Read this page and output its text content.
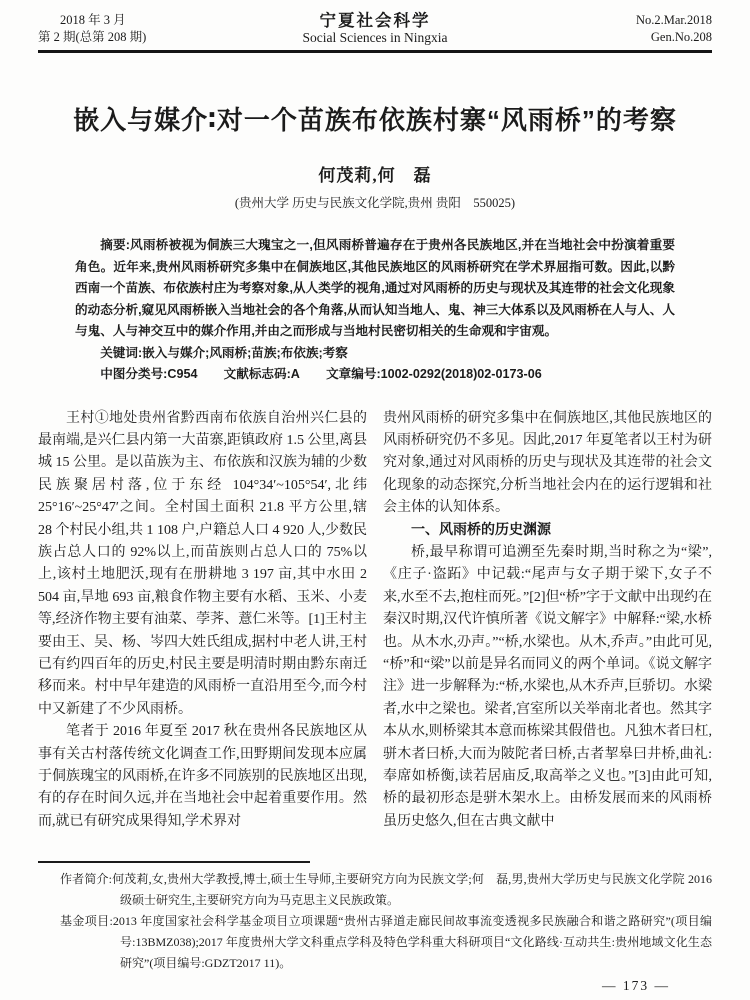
2018 年 3 月
第 2 期(总第 208 期)
宁夏社会科学
Social Sciences in Ningxia
No.2.Mar.2018
Gen.No.208
嵌入与媒介∶对一个苗族布依族村寨“风雨桥”的考察
何茂莉,何　磊
(贵州大学 历史与民族文化学院,贵州 贵阳　550025)

摘要:风雨桥被视为侗族三大瑰宝之一,但风雨桥普遍存在于贵州各民族地区,并在当地社会中扮演着重要角色。近年来,贵州风雨桥研究多集中在侗族地区,其他民族地区的风雨桥研究在学术界屈指可数。因此,以黔西南一个苗族、布依族村庄为考察对象,从人类学的视角,通过对风雨桥的历史与现状及其连带的社会文化现象的动态分析,窥见风雨桥嵌入当地社会的各个角落,从而认知当地人、鬼、神三大体系以及风雨桥在人与人、人与鬼、人与神交互中的媒介作用,并由之而形成与当地村民密切相关的生命观和宇宙观。

关键词:嵌入与媒介;风雨桥;苗族;布依族;考察

中图分类号:C954 文献标志码:A 文章编号:1002-0292(2018)02-0173-06

王村①地处贵州省黔西南布依族自治州兴仁县的最南端,是兴仁县内第一大苗寨,距镇政府 1.5 公里,离县城 15 公里。是以苗族为主、布依族和汉族为辅的少数民族聚居村落,位于东经 104°34′~105°54′,北纬 25°16′~25°47′之间。全村国土面积 21.8 平方公里,辖 28 个村民小组,共 1 108 户,户籍总人口 4 920 人,少数民族占总人口的 92%以上,而苗族则占总人口的 75%以上,该村土地肥沃,现有在册耕地 3 197 亩,其中水田 2 504 亩,旱地 693 亩,粮食作物主要有水稻、玉米、小麦等,经济作物主要有油菜、荸荠、薏仁米等。[1]王村主要由王、吴、杨、岑四大姓氏组成,据村中老人讲,王村已有约四百年的历史,村民主要是明清时期由黔东南迁移而来。村中早年建造的风雨桥一直沿用至今,而今村中又新建了不少风雨桥。

笔者于 2016 年夏至 2017 秋在贵州各民族地区从事有关古村落传统文化调查工作,田野期间发现本应属于侗族瑰宝的风雨桥,在许多不同族别的民族地区出现,有的存在时间久远,并在当地社会中起着重要作用。然而,就已有研究成果得知,学术界对

贵州风雨桥的研究多集中在侗族地区,其他民族地区的风雨桥研究仍不多见。因此,2017 年夏笔者以王村为研究对象,通过对风雨桥的历史与现状及其连带的社会文化现象的动态探究,分析当地社会内在的运行逻辑和社会主体的认知体系。

一、风雨桥的历史渊源

桥,最早称谓可追溯至先秦时期,当时称之为“梁”,《庄子·盗跖》中记载:“尾声与女子期于梁下,女子不来,水至不去,抱柱而死。”[2]但“桥”字于文献中出现约在秦汉时期,汉代许慎所著《说文解字》中解释:“梁,水桥也。从木水,刅声。”“桥,水梁也。从木,乔声。”由此可见,“桥”和“梁”以前是异名而同义的两个单词。《说文解字注》进一步解释为:“桥,水梁也,从木乔声,巨骄切。水梁者,水中之梁也。梁者,宫室所以关举南北者也。然其字本从水,则桥梁其本意而栋梁其假借也。凡独木者曰杠,骈木者曰桥,大而为陂陀者曰桥,古者挈皋曰井桥,曲礼:奉席如桥衡,读若居庙反,取高举之义也。”[3]由此可知,桥的最初形态是骈木架水上。由桥发展而来的风雨桥虽历史悠久,但在古典文献中

作者简介:何茂莉,女,贵州大学教授,博士,硕士生导师,主要研究方向为民族文学;何　磊,男,贵州大学历史与民族文化学院 2016 级硕士研究生,主要研究方向为马克思主义民族政策。

基金项目:2013 年度国家社会科学基金项目立项课题“贵州古驿道走廊民间故事流变透视多民族融合和谐之路研究”(项目编号:13BMZ038);2017 年度贵州大学文科重点学科及特色学科重大科研项目“文化路线·互动共生:贵州地域文化生态研究”(项目编号:GDZT2017 11)。

— 173 —
